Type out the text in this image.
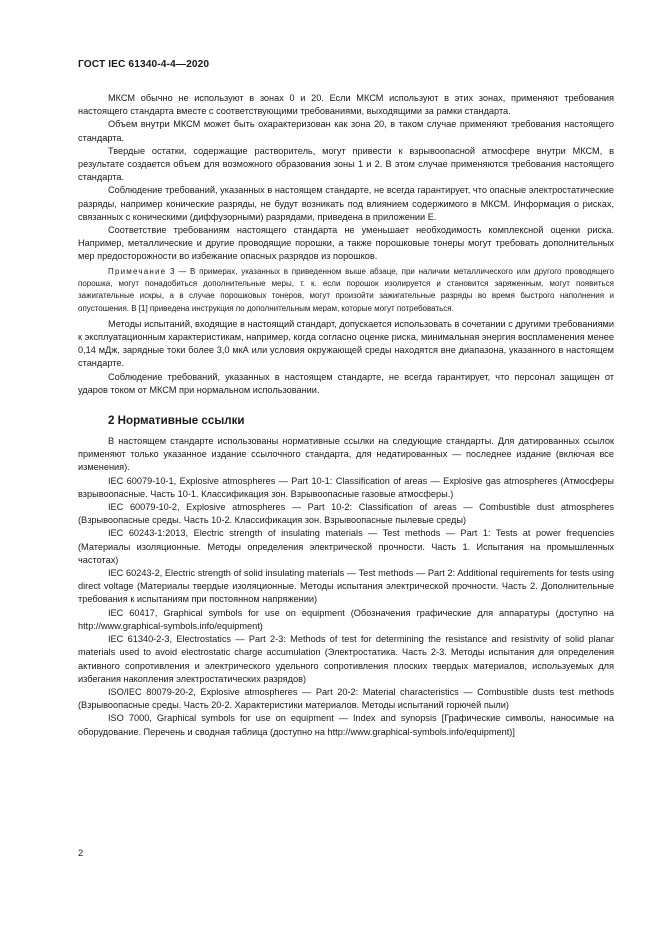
ГОСТ IEC 61340-4-4—2020

МКСМ обычно не используют в зонах 0 и 20. Если МКСМ используют в этих зонах, применяют требования настоящего стандарта вместе с соответствующими требованиями, выходящими за рамки стандарта.

Объем внутри МКСМ может быть охарактеризован как зона 20, в таком случае применяют требования настоящего стандарта.

Твердые остатки, содержащие растворитель, могут привести к взрывоопасной атмосфере внутри МКСМ, в результате создается объем для возможного образования зоны 1 и 2. В этом случае применяются требования настоящего стандарта.

Соблюдение требований, указанных в настоящем стандарте, не всегда гарантирует, что опасные электростатические разряды, например конические разряды, не будут возникать под влиянием содержимого в МКСМ. Информация о рисках, связанных с коническими (диффузорными) разрядами, приведена в приложении Е.

Соответствие требованиям настоящего стандарта не уменьшает необходимость комплексной оценки риска. Например, металлические и другие проводящие порошки, а также порошковые тонеры могут требовать дополнительных мер предосторожности во избежание опасных разрядов из порошков.

Примечание 3 — В примерах, указанных в приведенном выше абзаце, при наличии металлического или другого проводящего порошка, могут понадобиться дополнительные меры, т. к. если порошок изолируется и становится заряженным, могут появиться зажигательные искры, а в случае порошковых тонеров, могут произойти зажигательные разряды во время быстрого наполнения и опустошения. В [1] приведена инструкция по дополнительным мерам, которые могут потребоваться.

Методы испытаний, входящие в настоящий стандарт, допускается использовать в сочетании с другими требованиями к эксплуатационным характеристикам, например, когда согласно оценке риска, минимальная энергия воспламенения менее 0,14 мДж, зарядные токи более 3,0 мкА или условия окружающей среды находятся вне диапазона, указанного в настоящем стандарте.

Соблюдение требований, указанных в настоящем стандарте, не всегда гарантирует, что персонал защищен от ударов током от МКСМ при нормальном использовании.

2 Нормативные ссылки

В настоящем стандарте использованы нормативные ссылки на следующие стандарты. Для датированных ссылок применяют только указанное издание ссылочного стандарта, для недатированных — последнее издание (включая все изменения).

IEC 60079-10-1, Explosive atmospheres — Part 10-1: Classification of areas — Explosive gas atmospheres (Атмосферы взрывоопасные. Часть 10-1. Классификация зон. Взрывоопасные газовые атмосферы.)

IEC 60079-10-2, Explosive atmospheres — Part 10-2: Classification of areas — Combustible dust atmospheres (Взрывоопасные среды. Часть 10-2. Классификация зон. Взрывоопасные пылевые среды)

IEC 60243-1:2013, Electric strength of insulating materials — Test methods — Part 1: Tests at power frequencies (Материалы изоляционные. Методы определения электрической прочности. Часть 1. Испытания на промышленных частотах)

IEC 60243-2, Electric strength of solid insulating materials — Test methods — Part 2: Additional requirements for tests using direct voltage (Материалы твердые изоляционные. Методы испытания электрической прочности. Часть 2. Дополнительные требования к испытаниям при постоянном напряжении)

IEC 60417, Graphical symbols for use on equipment (Обозначения графические для аппаратуры (доступно на http://www.graphical-symbols.info/equipment)

IEC 61340-2-3, Electrostatics — Part 2-3: Methods of test for determining the resistance and resistivity of solid planar materials used to avoid electrostatic charge accumulation (Электростатика. Часть 2-3. Методы испытания для определения активного сопротивления и электрического удельного сопротивления плоских твердых материалов, используемых для избегания накопления электростатических разрядов)

ISO/IEC 80079-20-2, Explosive atmospheres — Part 20-2: Material characteristics — Combustible dusts test methods (Взрывоопасные среды. Часть 20-2. Характеристики материалов. Методы испытаний горючей пыли)

ISO 7000, Graphical symbols for use on equipment — Index and synopsis [Графические символы, наносимые на оборудование. Перечень и сводная таблица (доступно на http://www.graphical-symbols.info/equipment)]

2
